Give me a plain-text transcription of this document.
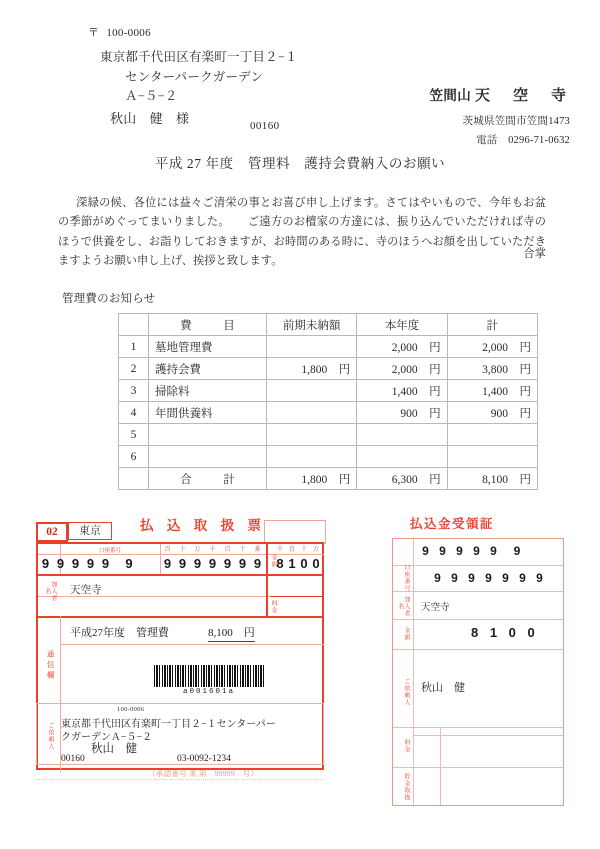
〒 100-0006
東京都千代田区有楽町一丁目２−１
センターパークガーデン
Ａ−５−２
秋山　健　様
笠間山 天　空　寺
茨城県笠間市笠間1473
電話　0296-71-0632
00160
平成 27 年度　管理料　護持会費納入のお願い
深緑の候、各位には益々ご清栄の事とお喜び申し上げます。さてはやいもので、今年もお盆の季節がめぐってまいりました。 ご遠方のお檀家の方達には、振り込んでいただければ寺のほうで供養をし、お詣りしておきますが、お時間のある時に、寺のほうへお顔を出していただきますようお願い申し上げ、挨拶と致します。
合掌
管理費のお知らせ
	費　目	前期未納額	本年度	計
1	墓地管理費		2,000　円	2,000　円
2	護持会費	1,800　円	2,000　円	3,800　円
3	掃除料		1,400　円	1,400　円
4	年間供養料		900　円	900　円
5				
6				
	合　計	1,800　円	6,300　円	8,100　円
払 込 取 扱 票
02	東京
口座番号	百	十	万	千	百	十	番	千 百 十 万
9 9 9 9 9	9	9 9 9 9 9 9 9 8 1 0 0
金額
料金
加入者名	天空寺
通信欄
平成27年度　管理費	8,100　円
a001601a
ご依頼人
100-0006
東京都千代田区有楽町一丁目２−１センターパー
クガーデンＡ−５−２
秋山　健
00160	03-0092-1234
（承認番号 東 第　99999　号）
払込金受領証
口座番号
9 9 9 9 9	9
9 9 9 9 9 9 9
加入者名	天空寺
金額	8 1 0 0
ご依頼人 秋山　健
料金
貯金取扱
